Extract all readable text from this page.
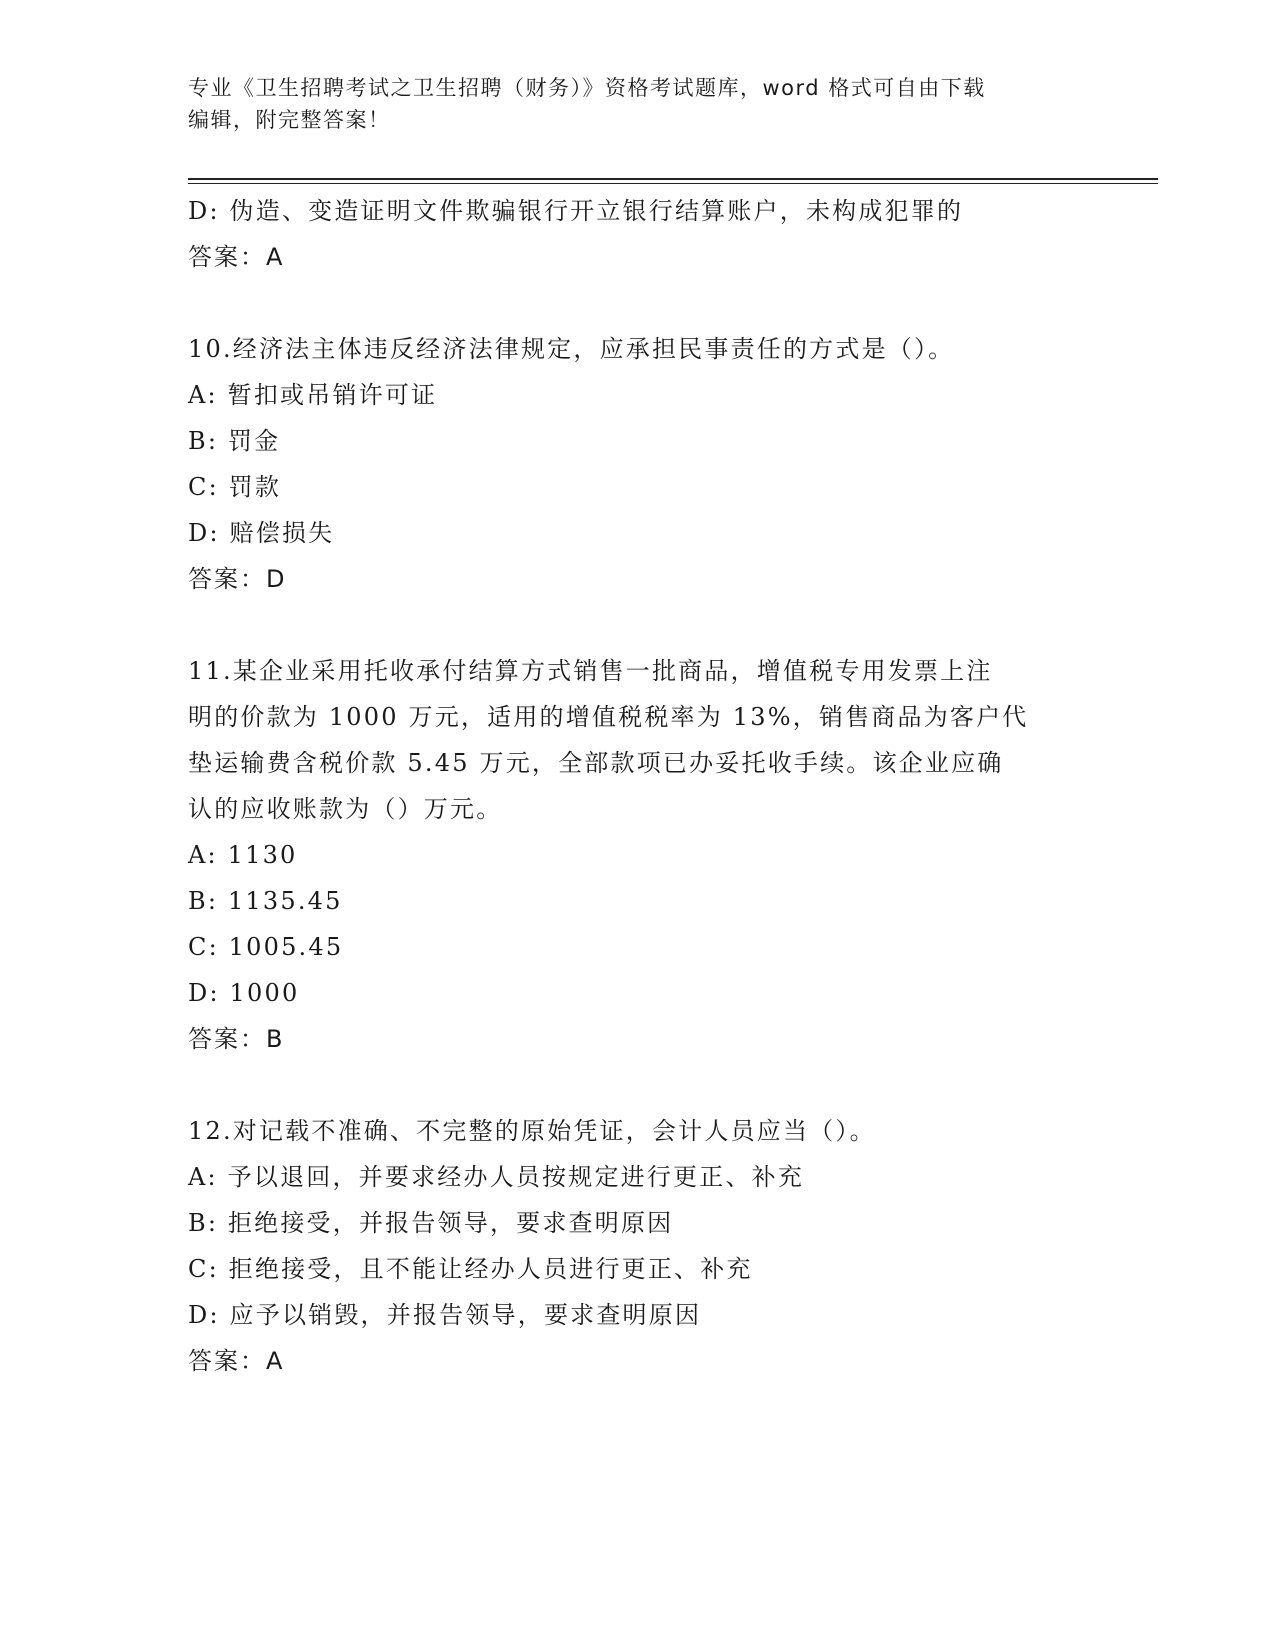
专业《卫生招聘考试之卫生招聘（财务）》资格考试题库，word 格式可自由下载
编辑，附完整答案！
D: 伪造、变造证明文件欺骗银行开立银行结算账户，未构成犯罪的
答案：A
10.经济法主体违反经济法律规定，应承担民事责任的方式是（）。
A: 暂扣或吊销许可证
B: 罚金
C: 罚款
D: 赔偿损失
答案：D
11.某企业采用托收承付结算方式销售一批商品，增值税专用发票上注
明的价款为 1000 万元，适用的增值税税率为 13%，销售商品为客户代
垫运输费含税价款 5.45 万元，全部款项已办妥托收手续。该企业应确
认的应收账款为（）万元。
A: 1130
B: 1135.45
C: 1005.45
D: 1000
答案：B
12.对记载不准确、不完整的原始凭证，会计人员应当（）。
A: 予以退回，并要求经办人员按规定进行更正、补充
B: 拒绝接受，并报告领导，要求查明原因
C: 拒绝接受，且不能让经办人员进行更正、补充
D: 应予以销毁，并报告领导，要求查明原因
答案：A
